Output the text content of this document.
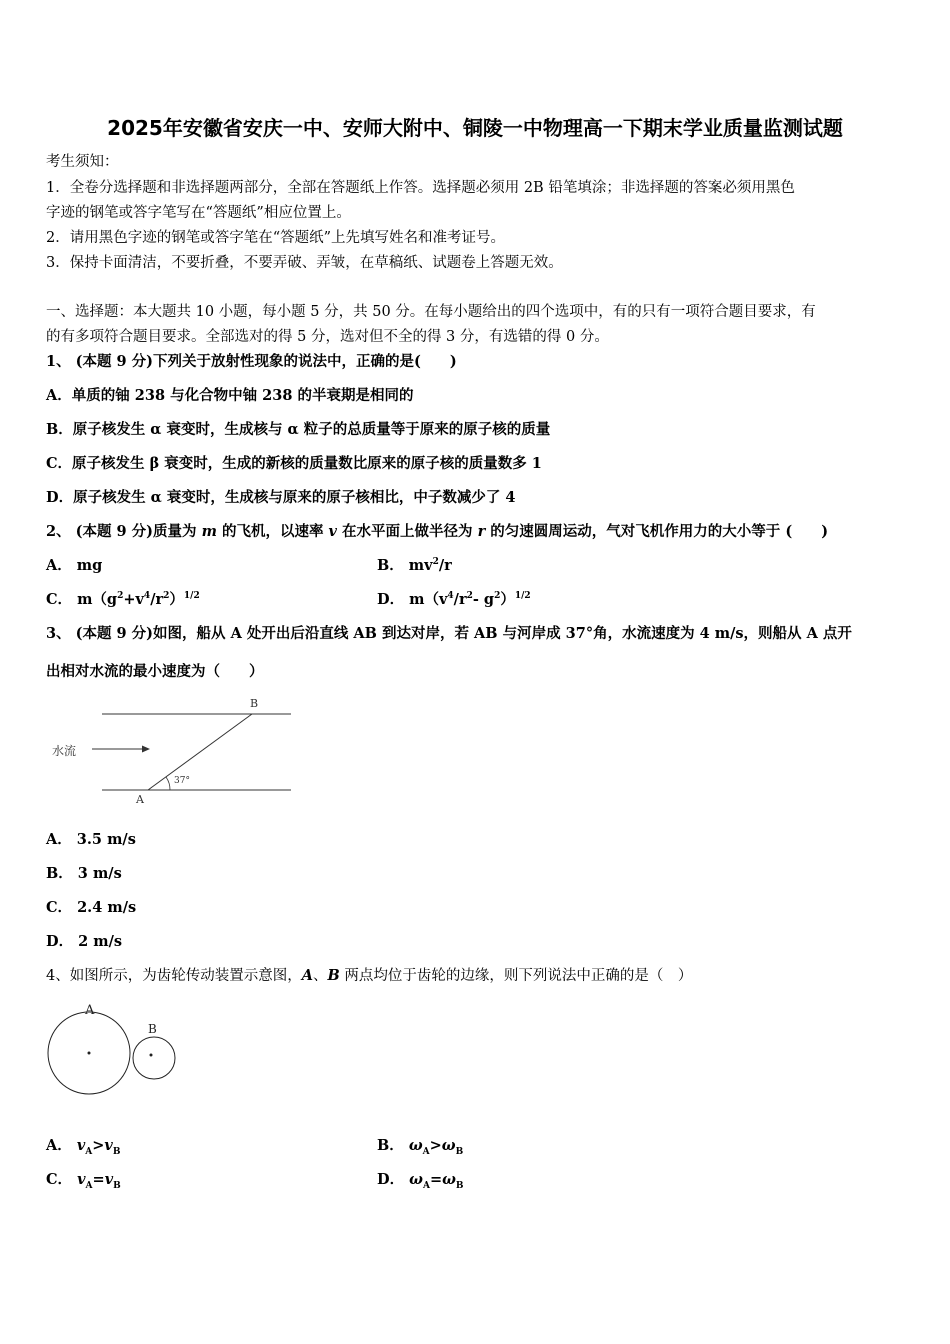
2025年安徽省安庆一中、安师大附中、铜陵一中物理高一下期末学业质量监测试题
考生须知：
1．全卷分选择题和非选择题两部分，全部在答题纸上作答。选择题必须用 2B 铅笔填涂；非选择题的答案必须用黑色
字迹的钢笔或答字笔写在“答题纸”相应位置上。
2．请用黑色字迹的钢笔或答字笔在“答题纸”上先填写姓名和准考证号。
3．保持卡面清洁，不要折叠，不要弄破、弄皱，在草稿纸、试题卷上答题无效。
一、选择题：本大题共 10 小题，每小题 5 分，共 50 分。在每小题给出的四个选项中，有的只有一项符合题目要求，有
的有多项符合题目要求。全部选对的得 5 分，选对但不全的得 3 分，有选错的得 0 分。
1、 (本题 9 分)下列关于放射性现象的说法中，正确的是(　　)
A．单质的铀 238 与化合物中铀 238 的半衰期是相同的
B．原子核发生 α 衰变时，生成核与 α 粒子的总质量等于原来的原子核的质量
C．原子核发生 β 衰变时，生成的新核的质量数比原来的原子核的质量数多 1
D．原子核发生 α 衰变时，生成核与原来的原子核相比，中子数减少了 4
2、 (本题 9 分)质量为 m 的飞机，以速率 v 在水平面上做半径为 r 的匀速圆周运动，气对飞机作用力的大小等于 (　　)
A． mg	B． $mv^2/r$
C． $m(g^2+v^4/r^2)^{1/2}$	D． $m(v^4/r^2-$ $g^2)^{1/2}$
3、 (本题 9 分)如图，船从 A 处开出后沿直线 AB 到达对岸，若 AB 与河岸成 37°角，水流速度为 4 m/s，则船从 A 点开
出相对水流的最小速度为（　　）
B
A
水流
37°
A． 3.5 m/s
B． 3 m/s
C． 2.4 m/s
D． 2 m/s
4、如图所示，为齿轮传动装置示意图，A、B 两点均位于齿轮的边缘，则下列说法中正确的是（　）
A
B
A． $v_A>v_B$	B． $\omega_A>\omega_B$
C． $v_A=v_B$	D． $\omega_A=\omega_B$
